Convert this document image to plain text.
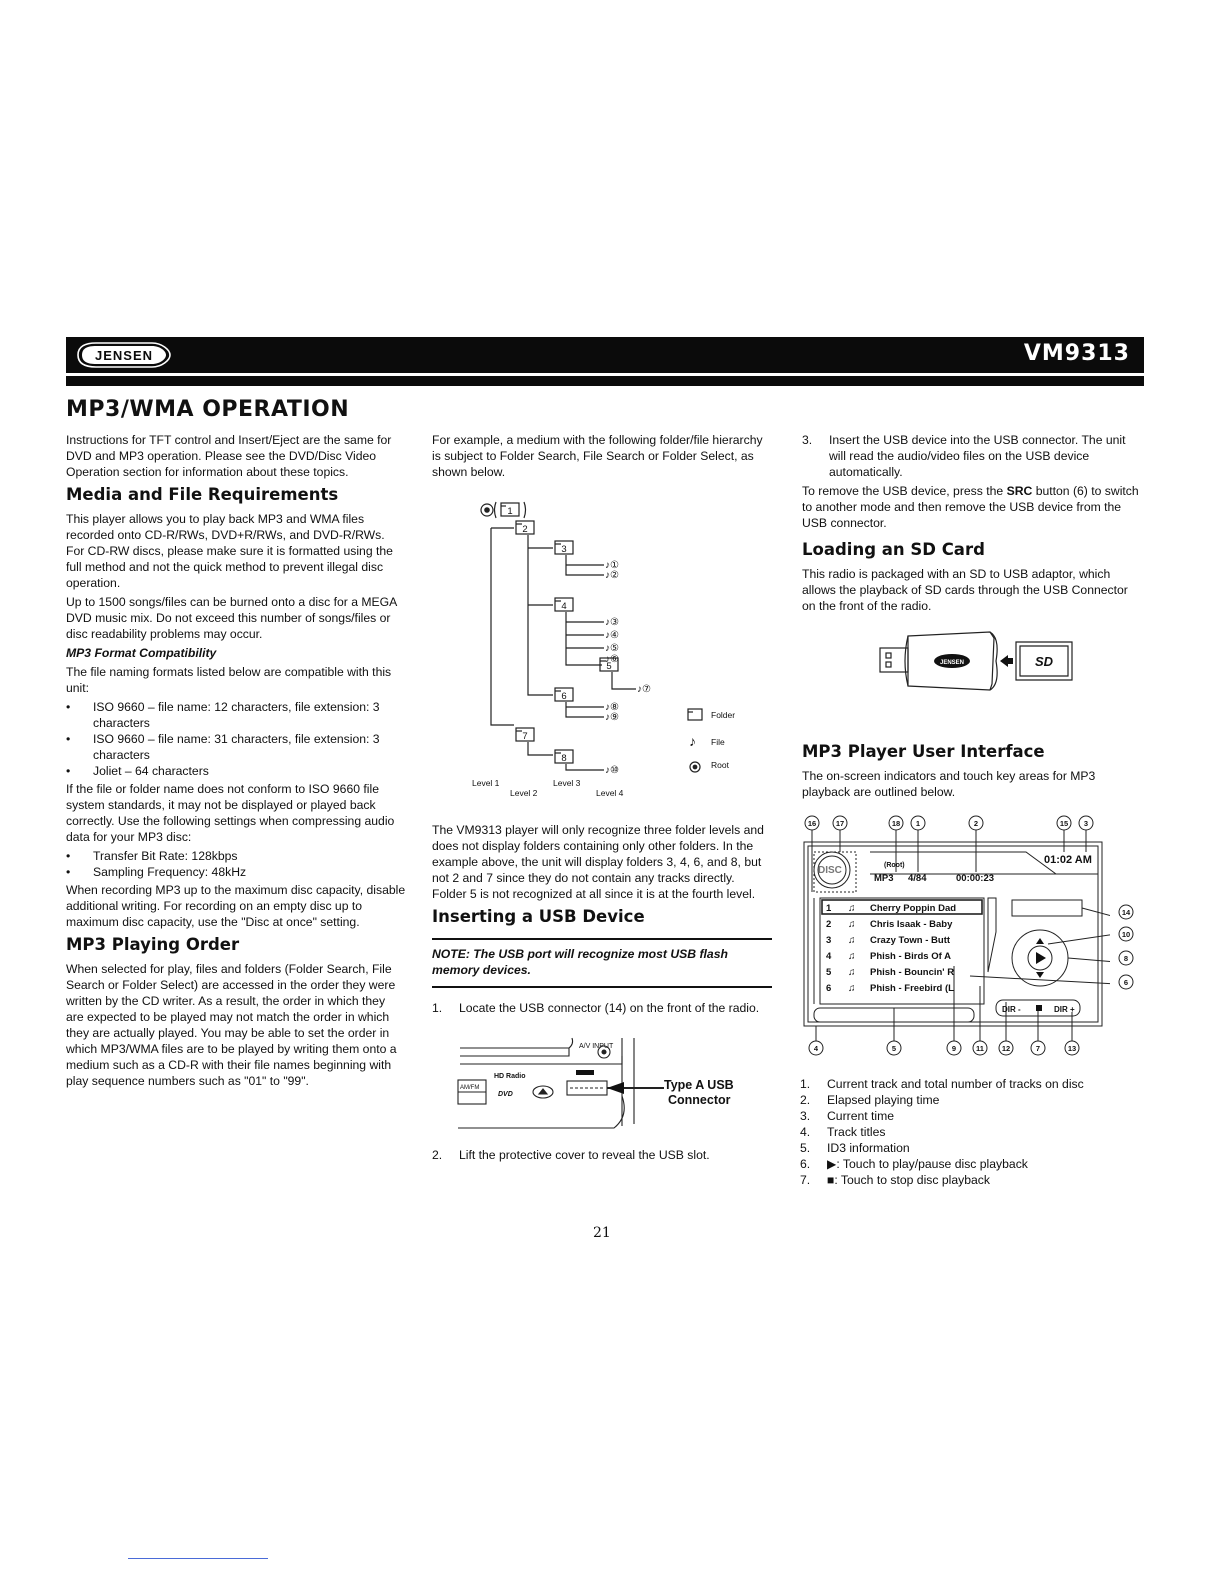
JENSEN	VM9313
MP3/WMA OPERATION

Instructions for TFT control and Insert/Eject are the same for DVD and MP3 operation. Please see the DVD/Disc Video Operation section for information about these topics.

Media and File Requirements

This player allows you to play back MP3 and WMA files recorded onto CD-R/RWs, DVD+R/RWs, and DVD-R/RWs. For CD-RW discs, please make sure it is formatted using the full method and not the quick method to prevent illegal disc operation.

Up to 1500 songs/files can be burned onto a disc for a MEGA DVD music mix. Do not exceed this number of songs/files or disc readability problems may occur.

MP3 Format Compatibility

The file naming formats listed below are compatible with this unit:

• ISO 9660 – file name: 12 characters, file extension: 3 characters
• ISO 9660 – file name: 31 characters, file extension: 3 characters
• Joliet – 64 characters

If the file or folder name does not conform to ISO 9660 file system standards, it may not be displayed or played back correctly. Use the following settings when compressing audio data for your MP3 disc:

• Transfer Bit Rate: 128kbps
• Sampling Frequency: 48kHz

When recording MP3 up to the maximum disc capacity, disable additional writing. For recording on an empty disc up to maximum disc capacity, use the "Disc at once" setting.

MP3 Playing Order

When selected for play, files and folders (Folder Search, File Search or Folder Select) are accessed in the order they were written by the CD writer. As a result, the order in which they are expected to be played may not match the order in which they are actually played. You may be able to set the order in which MP3/WMA files are to be played by writing them onto a medium such as a CD-R with their file names beginning with play sequence numbers such as "01" to "99".

For example, a medium with the following folder/file hierarchy is subject to Folder Search, File Search or Folder Select, as shown below.

1
2
3
4
5
6
7
8
♪①
♪②
♪③
♪④
♪⑤
♪⑥
♪⑦
♪⑧
♪⑨
♪⑩
♪
Folder
File
Root
Level 1
Level 2
Level 3
Level 4

The VM9313 player will only recognize three folder levels and does not display folders containing only other folders. In the example above, the unit will display folders 3, 4, 6, and 8, but not 2 and 7 since they do not contain any tracks directly. Folder 5 is not recognized at all since it is at the fourth level.

Inserting a USB Device
NOTE: The USB port will recognize most USB flash memory devices.
1. Locate the USB connector (14) on the front of the radio.
HD Radio
A/V INPUT
AM/FM
DVD
Type A USB
Connector
2. Lift the protective cover to reveal the USB slot.
3. Insert the USB device into the USB connector. The unit will read the audio/video files on the USB device automatically.

To remove the USB device, press the SRC button (6) to switch to another mode and then remove the USB device from the USB connector.

Loading an SD Card

This radio is packaged with an SD to USB adaptor, which allows the playback of SD cards through the USB Connector on the front of the radio.

JENSEN	SD
MP3 Player User Interface

The on-screen indicators and touch key areas for MP3 playback are outlined below.

DISC	(Root)
MP3 4/84	00:00:23
01:02 AM
1	Cherry Poppin Dad
2	Chris Isaak - Baby
3	Crazy Town - Butt
4	Phish - Birds Of A
5	Phish - Bouncin' R
6	Phish - Freebird (L
DIR -	DIR +
♫
♫
♫
♫
♫
♫
16	17	18 1	2	15 3
4	5	9	11 12	7	13
14
10
8
6
1. Current track and total number of tracks on disc
2. Elapsed playing time
3. Current time
4. Track titles
5. ID3 information
6. ▶: Touch to play/pause disc playback
7. ■: Touch to stop disc playback
21
